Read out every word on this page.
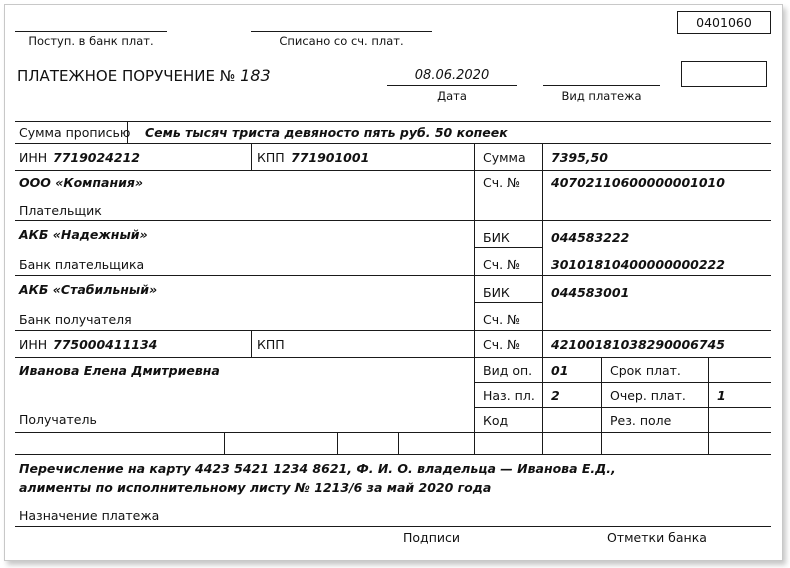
0401060
Поступ. в банк плат.	Списано со сч. плат.
ПЛАТЕЖНОЕ ПОРУЧЕНИЕ № 183	08.06.2020
Дата	Вид платежа
Сумма прописью Семь тысяч триста девяносто пять руб. 50 копеек
ИНН 7719024212	КПП 771901001	Сумма 7395,50
ООО «Компания»	Сч. № 40702110600000001010
Плательщик
АКБ «Надежный»	БИК	044583222
Сч. № 30101810400000000222
Банк плательщика
АКБ «Стабильный»	БИК	044583001
Сч. №
Банк получателя
ИНН 775000411134	КПП	Сч. № 42100181038290006745
Иванова Елена Дмитриевна
Получатель
Вид оп. 01	Срок плат.
Наз. пл. 2	Очер. плат. 1
Код	Рез. поле
Перечисление на карту 4423 5421 1234 8621, Ф. И. О. владельца — Иванова Е.Д.,
алименты по исполнительному листу № 1213/6 за май 2020 года
Назначение платежа
Подписи	Отметки банка
